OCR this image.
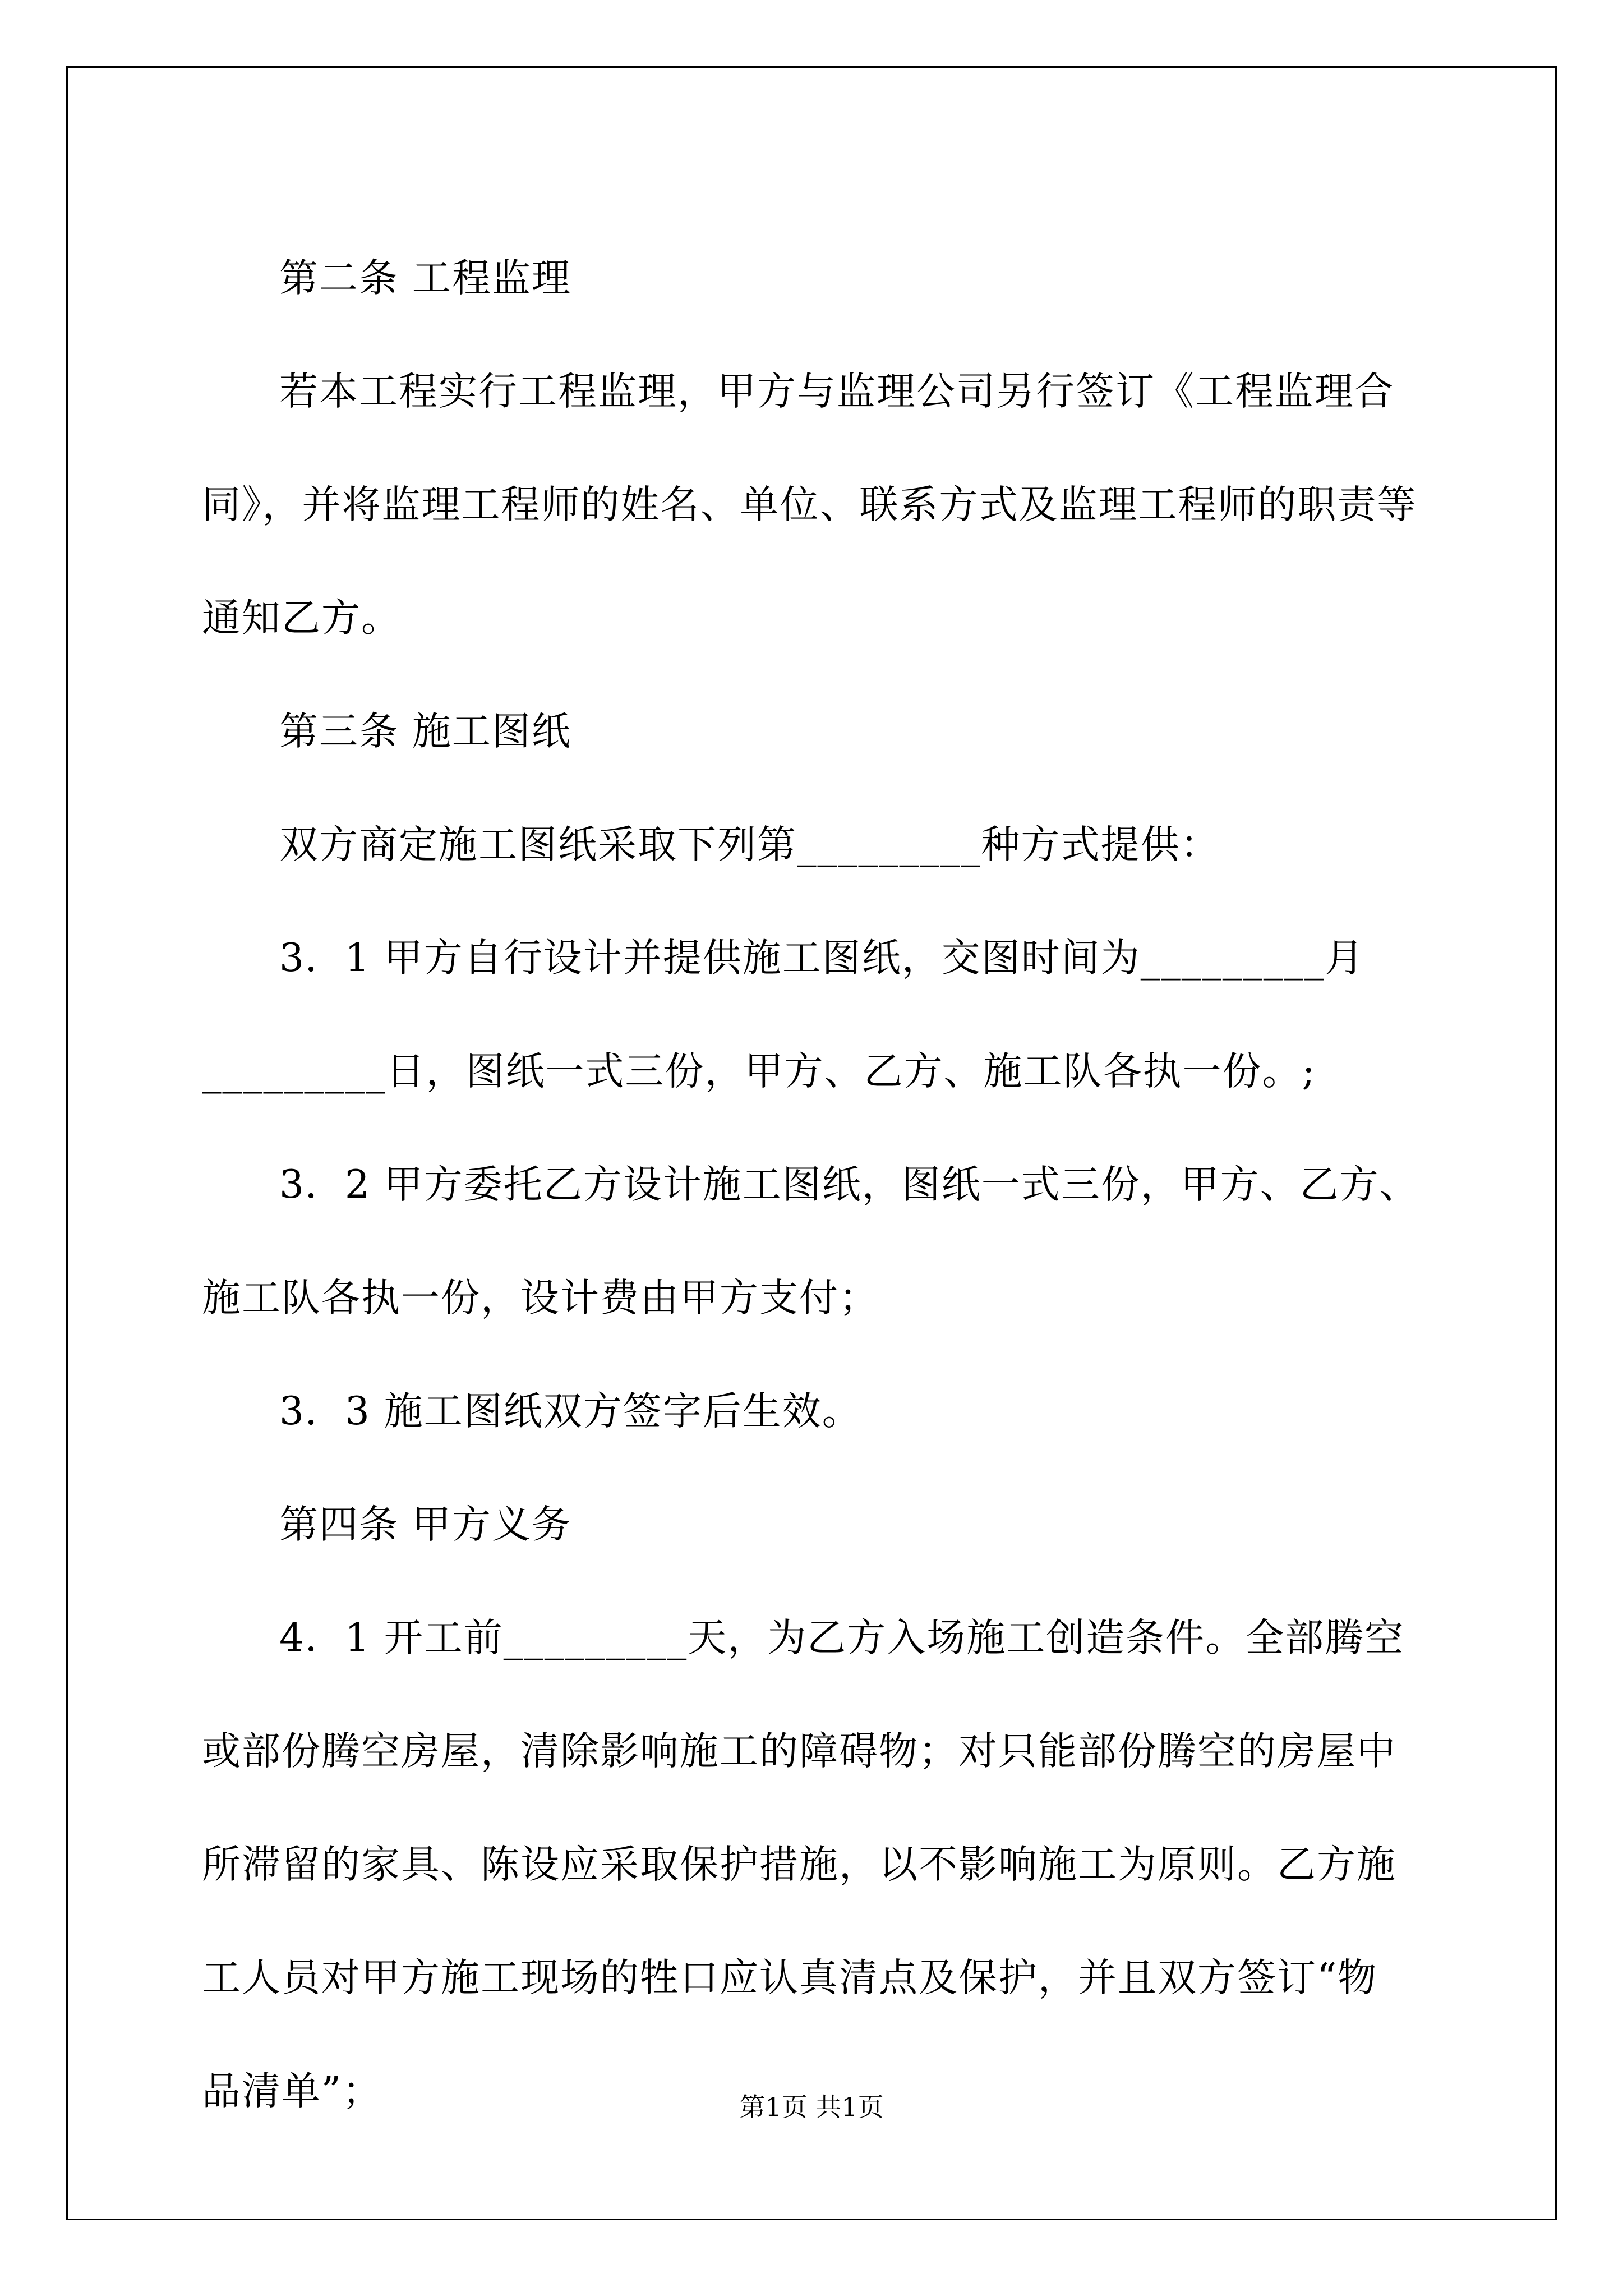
第二条 工程监理

若本工程实行工程监理，甲方与监理公司另行签订《工程监理合

同》，并将监理工程师的姓名、单位、联系方式及监理工程师的职责等

通知乙方。

第三条 施工图纸

双方商定施工图纸采取下列第_________种方式提供：

3．1 甲方自行设计并提供施工图纸，交图时间为_________月

_________日，图纸一式三份，甲方、乙方、施工队各执一份。;

3．2 甲方委托乙方设计施工图纸，图纸一式三份，甲方、乙方、

施工队各执一份，设计费由甲方支付；

3．3 施工图纸双方签字后生效。

第四条 甲方义务

4．1 开工前_________天，为乙方入场施工创造条件。全部腾空

或部份腾空房屋，清除影响施工的障碍物；对只能部份腾空的房屋中

所滞留的家具、陈设应采取保护措施，以不影响施工为原则。乙方施

工人员对甲方施工现场的牲口应认真清点及保护，并且双方签订“物

品清单”；	第1页 共1页
